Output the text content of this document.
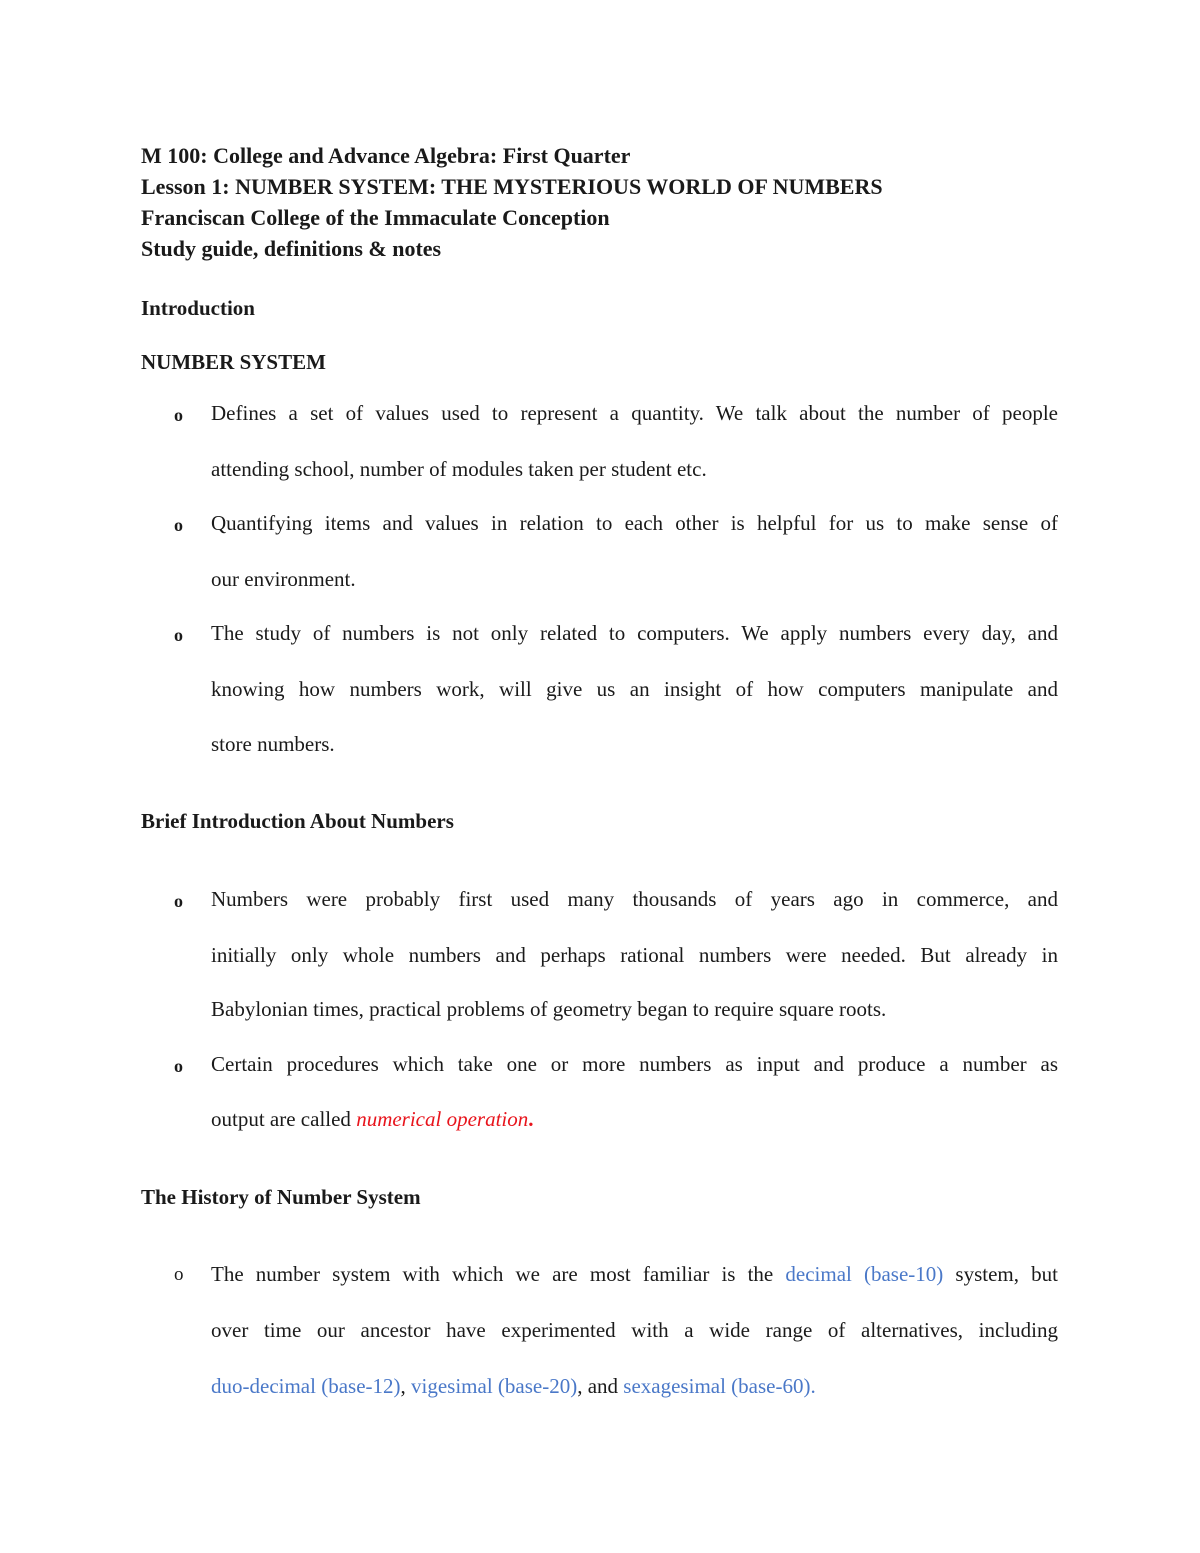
M 100: College and Advance Algebra: First Quarter
Lesson 1: NUMBER SYSTEM: THE MYSTERIOUS WORLD OF NUMBERS
Franciscan College of the Immaculate Conception
Study guide, definitions & notes
Introduction
NUMBER SYSTEM
o Defines a set of values used to represent a quantity. We talk about the number of people
attending school, number of modules taken per student etc.
o Quantifying items and values in relation to each other is helpful for us to make sense of
our environment.
o The study of numbers is not only related to computers. We apply numbers every day, and
knowing how numbers work, will give us an insight of how computers manipulate and
store numbers.
Brief Introduction About Numbers
o Numbers were probably first used many thousands of years ago in commerce, and
initially only whole numbers and perhaps rational numbers were needed. But already in
Babylonian times, practical problems of geometry began to require square roots.
o Certain procedures which take one or more numbers as input and produce a number as
output are called numerical operation.
The History of Number System
o The number system with which we are most familiar is the decimal (base-10) system, but
over time our ancestor have experimented with a wide range of alternatives, including
duo-decimal (base-12), vigesimal (base-20), and sexagesimal (base-60).
